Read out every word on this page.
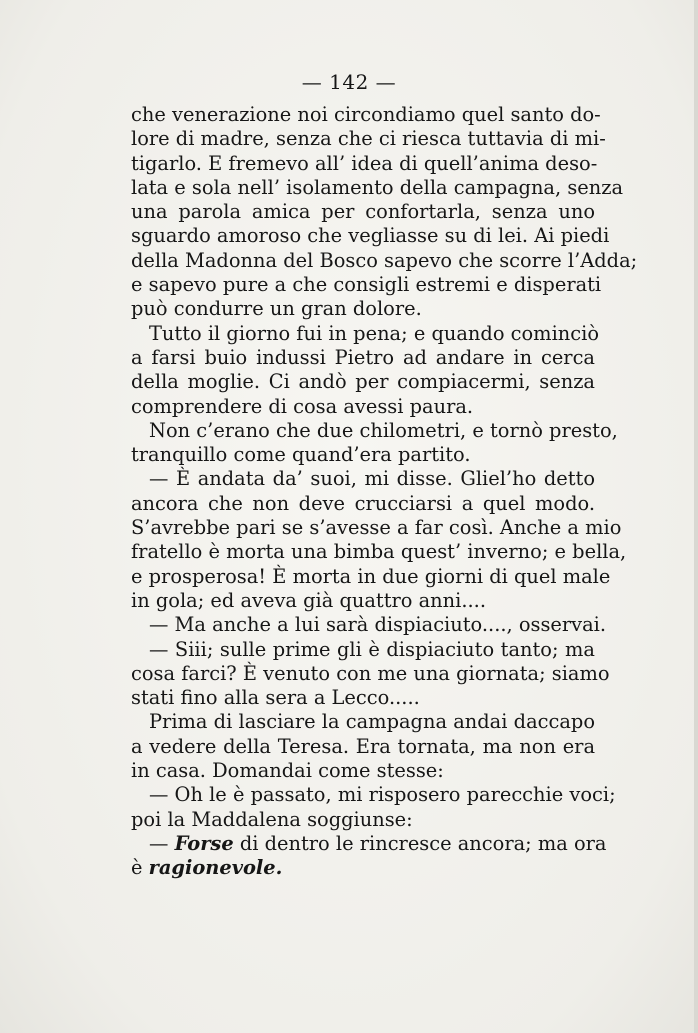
— 142 —
che venerazione noi circondiamo quel santo do-
lore di madre, senza che ci riesca tuttavia di mi-
tigarlo. E fremevo all’ idea di quell’anima deso-
lata e sola nell’ isolamento della campagna, senza
una parola amica per confortarla, senza uno
sguardo amoroso che vegliasse su di lei. Ai piedi
della Madonna del Bosco sapevo che scorre l’Adda;
e sapevo pure a che consigli estremi e disperati
può condurre un gran dolore.
Tutto il giorno fui in pena; e quando cominciò
a farsi buio indussi Pietro ad andare in cerca
della moglie. Ci andò per compiacermi, senza
comprendere di cosa avessi paura.
Non c’erano che due chilometri, e tornò presto,
tranquillo come quand’era partito.
— È andata da’ suoi, mi disse. Gliel’ho detto
ancora che non deve crucciarsi a quel modo.
S’avrebbe pari se s’avesse a far così. Anche a mio
fratello è morta una bimba quest’ inverno; e bella,
e prosperosa! È morta in due giorni di quel male
in gola; ed aveva già quattro anni....
— Ma anche a lui sarà dispiaciuto...., osservai.
— Siii; sulle prime gli è dispiaciuto tanto; ma
cosa farci? È venuto con me una giornata; siamo
stati fino alla sera a Lecco.....
Prima di lasciare la campagna andai daccapo
a vedere della Teresa. Era tornata, ma non era
in casa. Domandai come stesse:
— Oh le è passato, mi risposero parecchie voci;
poi la Maddalena soggiunse:
— Forse di dentro le rincresce ancora; ma ora
è ragionevole.
